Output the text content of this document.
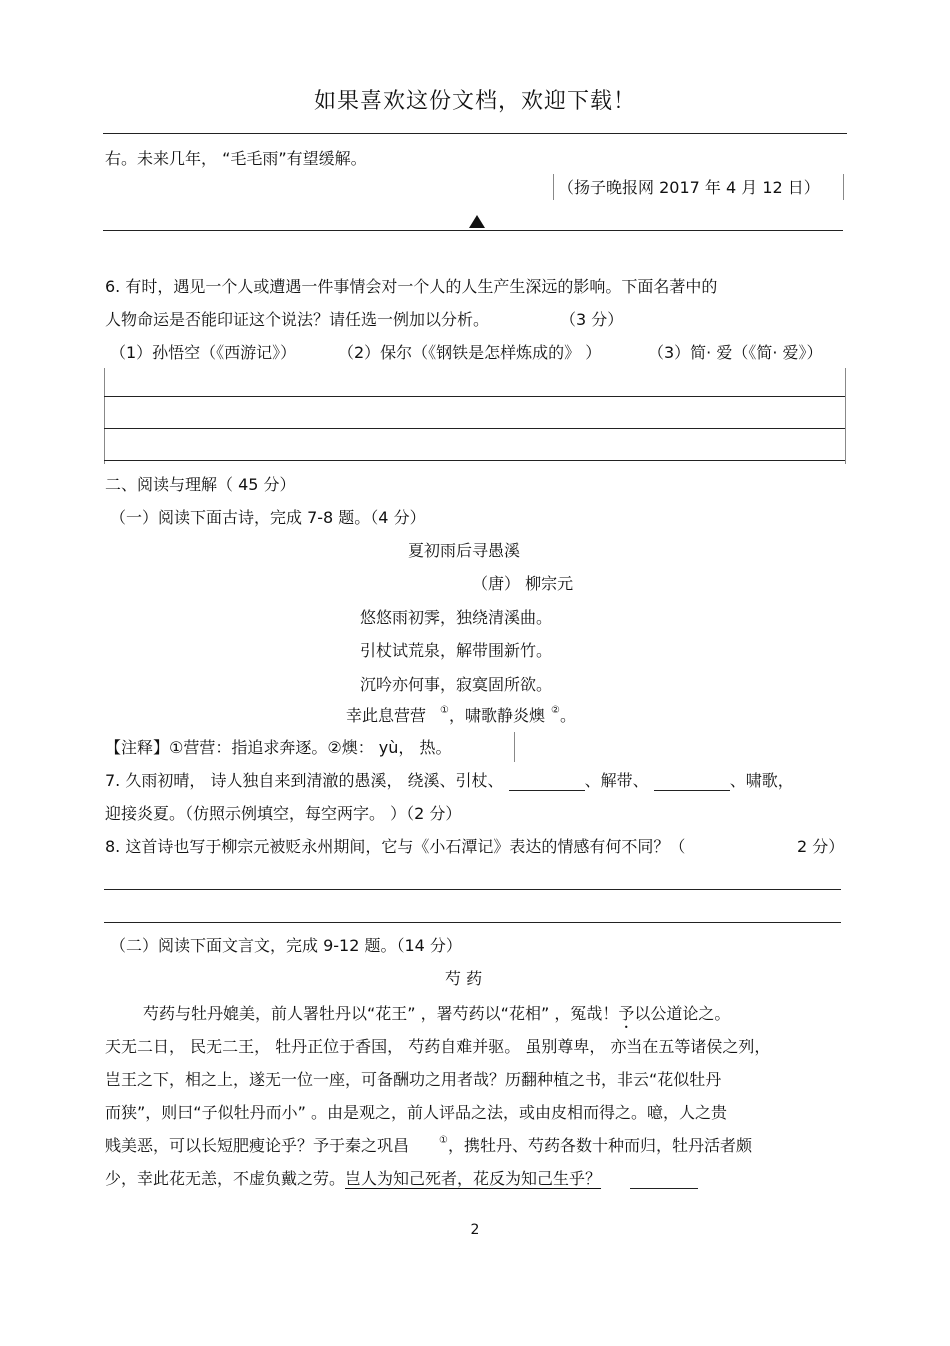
如果喜欢这份文档，欢迎下载！
右。未来几年， “毛毛雨”有望缓解。
（扬子晚报网 2017 年 4 月 12 日）
6. 有时，遇见一个人或遭遇一件事情会对一个人的人生产生深远的影响。下面名著中的
人物命运是否能印证这个说法？请任选一例加以分析。	（3 分）
（1）孙悟空（《西游记》）	（2）保尔（《钢铁是怎样炼成的》 ）	（3）简· 爱（《简· 爱》）
二、阅读与理解（ 45 分）
（一）阅读下面古诗，完成 7-8 题。（4 分）
夏初雨后寻愚溪
（唐） 柳宗元
悠悠雨初霁，独绕清溪曲。
引杖试荒泉，解带围新竹。
沉吟亦何事，寂寞固所欲。
幸此息营营 ①，啸歌静炎燠 ②。
【注释】①营营：指追求奔逐。②燠： yù， 热。
7. 久雨初晴， 诗人独自来到清澈的愚溪， 绕溪、引杖、	、解带、	、啸歌，
迎接炎夏。（仿照示例填空，每空两字。 ）（2 分）
8. 这首诗也写于柳宗元被贬永州期间，它与《小石潭记》表达的情感有何不同？（	2 分）
（二）阅读下面文言文，完成 9-12 题。（14 分）
芍 药
芍药与牡丹媲美，前人署牡丹以“花王” ，署芍药以“花相” ，冤哉！予以公道论之。
天无二日， 民无二王， 牡丹正位于香国， 芍药自难并驱。 虽别尊卑， 亦当在五等诸侯之列，
岂王之下，相之上，遂无一位一座，可备酬功之用者哉？历翻种植之书，非云“花似牡丹
而狭”，则曰“子似牡丹而小” 。由是观之，前人评品之法，或由皮相而得之。噫，人之贵
贱美恶，可以长短肥瘦论乎？予于秦之巩昌	①，携牡丹、芍药各数十种而归，牡丹活者颇
少，幸此花无恙，不虚负戴之劳。岂人为知己死者，花反为知己生乎？
2
